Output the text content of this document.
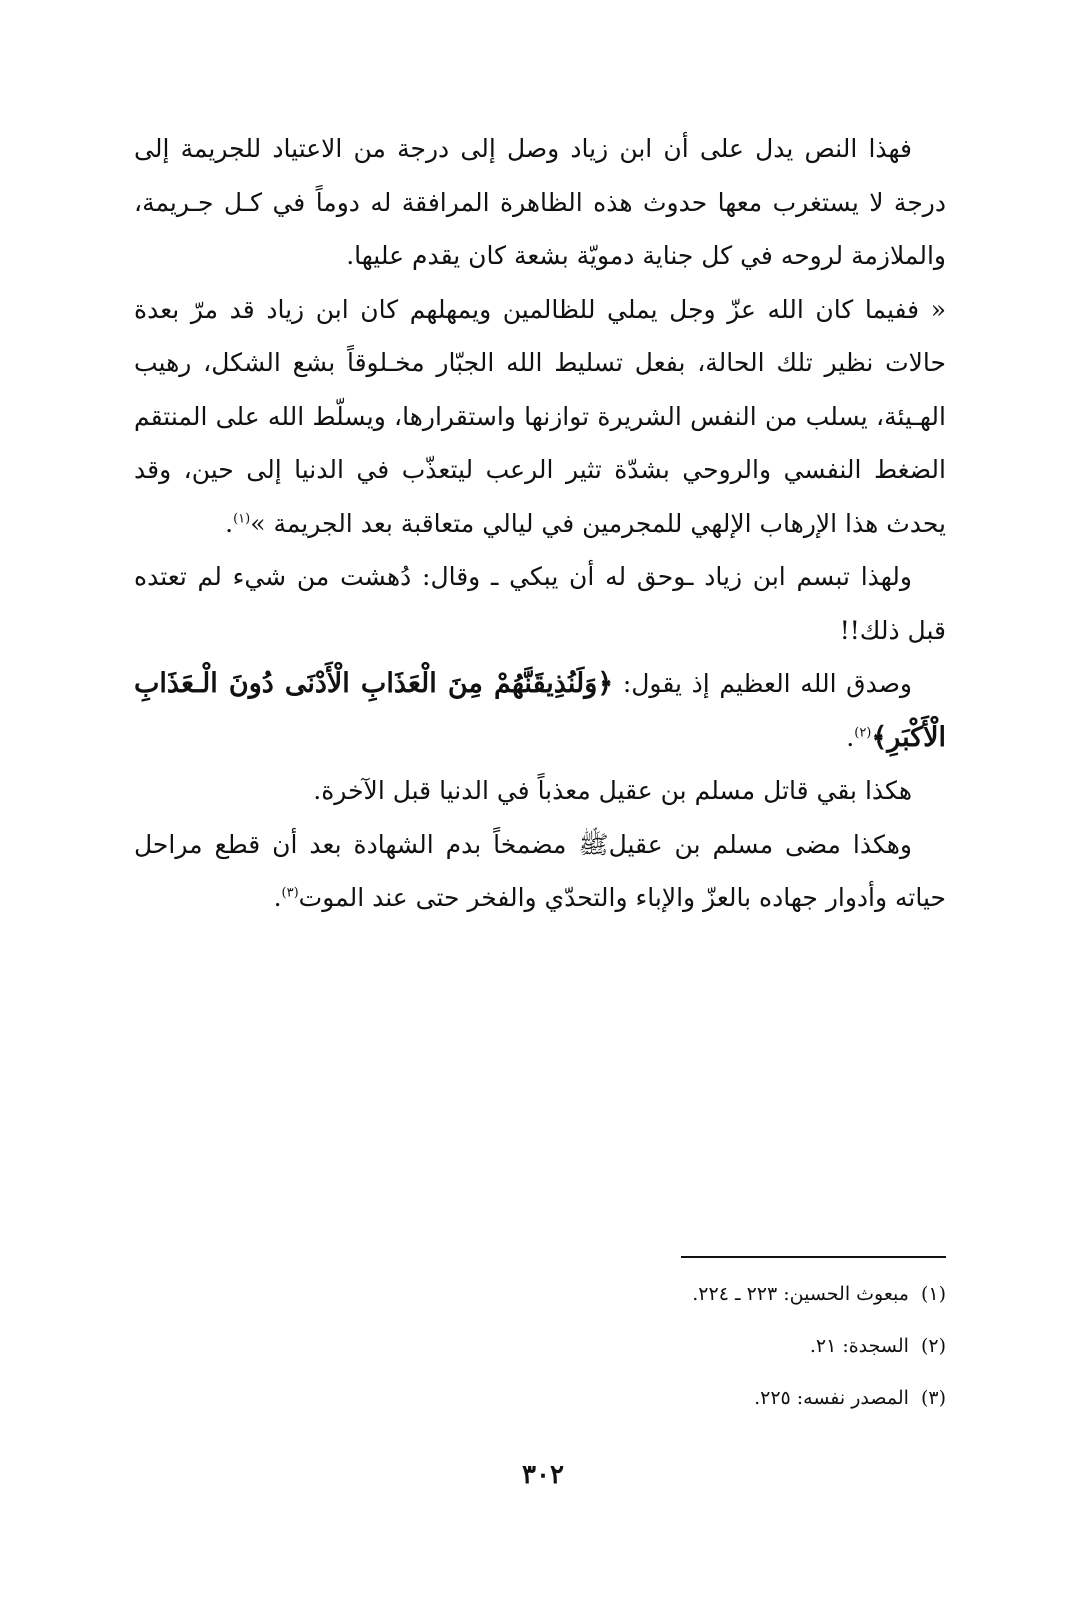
فهذا النص يدل على أن ابن زياد وصل إلى درجة من الاعتياد للجريمة إلى درجة لا يستغرب معها حدوث هذه الظاهرة المرافقة له دوماً في كـل جـريمة، والملازمة لروحه في كل جناية دمويّة بشعة كان يقدم عليها.

« ففيما كان الله عزّ وجل يملي للظالمين ويمهلهم كان ابن زياد قد مرّ بعدة حالات نظير تلك الحالة، بفعل تسليط الله الجبّار مخـلوقاً بشع الشكل، رهيب الهـيئة، يسلب من النفس الشريرة توازنها واستقرارها، ويسلّط الله على المنتقم الضغط النفسي والروحي بشدّة تثير الرعب ليتعذّب في الدنيا إلى حين، وقد يحدث هذا الإرهاب الإلهي للمجرمين في ليالي متعاقبة بعد الجريمة »$^{(١)}$.

ولهذا تبسم ابن زياد ـوحق له أن يبكي ـ وقال: دُهشت من شيء لم تعتده قبل ذلك!!

وصدق الله العظيم إذ يقول: ﴿وَلَنُذِيقَنَّهُمْ مِنَ الْعَذَابِ الْأَدْنَى دُونَ الْـعَذَابِ الْأَكْبَرِ﴾$^{(٢)}$.

هكذا بقي قاتل مسلم بن عقيل معذباً في الدنيا قبل الآخرة.

وهكذا مضى مسلم بن عقيلﷺ مضمخاً بدم الشهادة بعد أن قطع مراحل حياته وأدوار جهاده بالعزّ والإباء والتحدّي والفخر حتى عند الموت$^{(٣)}$.

(١)مبعوث الحسين: ٢٢٣ ـ ٢٢٤.

(٢)السجدة: ٢١.

(٣)المصدر نفسه: ٢٢٥.

٣٠٢
